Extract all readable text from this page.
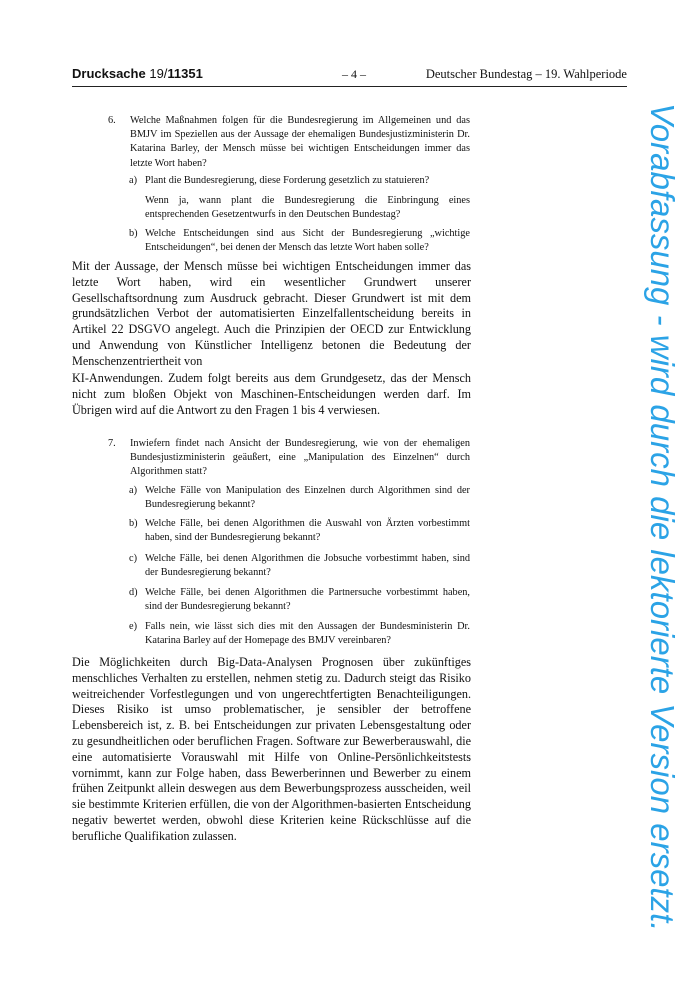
Drucksache 19/11351	– 4 –	Deutscher Bundestag – 19. Wahlperiode
6. Welche Maßnahmen folgen für die Bundesregierung im Allgemeinen und das BMJV im Speziellen aus der Aussage der ehemaligen Bundesjustizministerin Dr. Katarina Barley, der Mensch müsse bei wichtigen Entscheidungen immer das letzte Wort haben?
a) Plant die Bundesregierung, diese Forderung gesetzlich zu statuieren?
Wenn ja, wann plant die Bundesregierung die Einbringung eines entsprechenden Gesetzentwurfs in den Deutschen Bundestag?
b) Welche Entscheidungen sind aus Sicht der Bundesregierung „wichtige Entscheidungen“, bei denen der Mensch das letzte Wort haben solle?
Mit der Aussage, der Mensch müsse bei wichtigen Entscheidungen immer das letzte Wort haben, wird ein wesentlicher Grundwert unserer Gesellschaftsordnung zum Ausdruck gebracht. Dieser Grundwert ist mit dem grundsätzlichen Verbot der automatisierten Einzelfallentscheidung bereits in Artikel 22 DSGVO angelegt. Auch die Prinzipien der OECD zur Entwicklung und Anwendung von Künstlicher Intelligenz betonen die Bedeutung der Menschenzentriertheit von
KI-Anwendungen. Zudem folgt bereits aus dem Grundgesetz, das der Mensch nicht zum bloßen Objekt von Maschinen-Entscheidungen werden darf. Im Übrigen wird auf die Antwort zu den Fragen 1 bis 4 verwiesen.
7. Inwiefern findet nach Ansicht der Bundesregierung, wie von der ehemaligen Bundesjustizministerin geäußert, eine „Manipulation des Einzelnen“ durch Algorithmen statt?
a) Welche Fälle von Manipulation des Einzelnen durch Algorithmen sind der Bundesregierung bekannt?
b) Welche Fälle, bei denen Algorithmen die Auswahl von Ärzten vorbestimmt haben, sind der Bundesregierung bekannt?
c) Welche Fälle, bei denen Algorithmen die Jobsuche vorbestimmt haben, sind der Bundesregierung bekannt?
d) Welche Fälle, bei denen Algorithmen die Partnersuche vorbestimmt haben, sind der Bundesregierung bekannt?
e) Falls nein, wie lässt sich dies mit den Aussagen der Bundesministerin Dr. Katarina Barley auf der Homepage des BMJV vereinbaren?
Die Möglichkeiten durch Big-Data-Analysen Prognosen über zukünftiges menschliches Verhalten zu erstellen, nehmen stetig zu. Dadurch steigt das Risiko weitreichender Vorfestlegungen und von ungerechtfertigten Benachteiligungen. Dieses Risiko ist umso problematischer, je sensibler der betroffene Lebensbereich ist, z. B. bei Entscheidungen zur privaten Lebensgestaltung oder zu gesundheitlichen oder beruflichen Fragen. Software zur Bewerberauswahl, die eine automatisierte Vorauswahl mit Hilfe von Online-Persönlichkeitstests vornimmt, kann zur Folge haben, dass Bewerberinnen und Bewerber zu einem frühen Zeitpunkt allein deswegen aus dem Bewerbungsprozess ausscheiden, weil sie bestimmte Kriterien erfüllen, die von der Algorithmen-basierten Entscheidung negativ bewertet werden, obwohl diese Kriterien keine Rückschlüsse auf die berufliche Qualifikation zulassen.	Vorabfassung - wird durch die lektorierte Version ersetzt.
